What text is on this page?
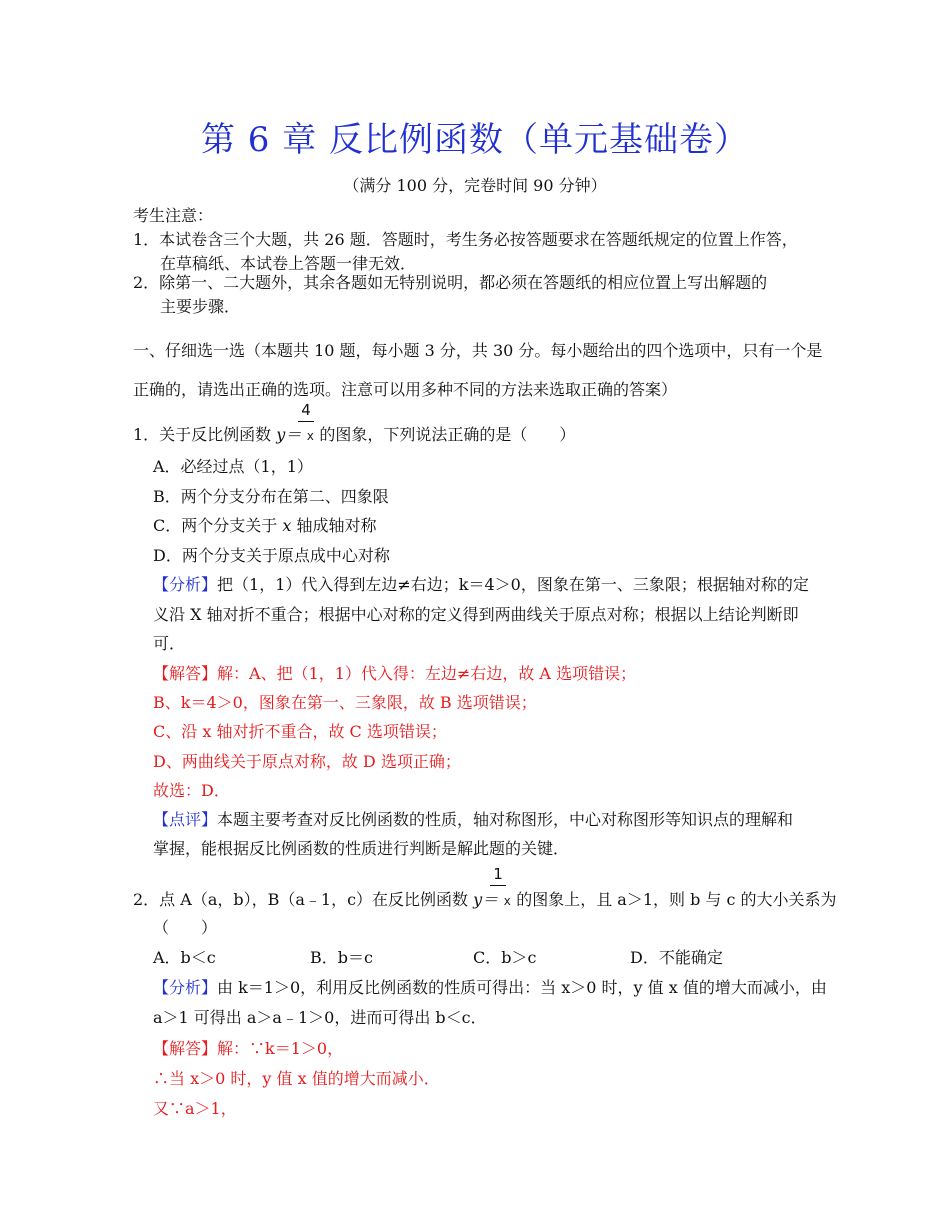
第 6 章 反比例函数（单元基础卷）
（满分 100 分，完卷时间 90 分钟）
考生注意：
1．本试卷含三个大题，共 26 题．答题时，考生务必按答题要求在答题纸规定的位置上作答，
在草稿纸、本试卷上答题一律无效．
2．除第一、二大题外，其余各题如无特别说明，都必须在答题纸的相应位置上写出解题的
主要步骤．
一、仔细选一选（本题共 10 题，每小题 3 分，共 30 分。每小题给出的四个选项中，只有一个是
正确的，请选出正确的选项。注意可以用多种不同的方法来选取正确的答案）
4
1．关于反比例函数 y＝ x 的图象，下列说法正确的是（　　）
A．必经过点（1，1）
B．两个分支分布在第二、四象限
C．两个分支关于 x 轴成轴对称
D．两个分支关于原点成中心对称
【分析】把（1，1）代入得到左边≠右边；k＝4＞0，图象在第一、三象限；根据轴对称的定
义沿 X 轴对折不重合；根据中心对称的定义得到两曲线关于原点对称；根据以上结论判断即
可．
【解答】解：A、把（1，1）代入得：左边≠右边，故 A 选项错误；
B、k＝4＞0，图象在第一、三象限，故 B 选项错误；
C、沿 x 轴对折不重合，故 C 选项错误；
D、两曲线关于原点对称，故 D 选项正确；
故选：D．
【点评】本题主要考查对反比例函数的性质，轴对称图形，中心对称图形等知识点的理解和
掌握，能根据反比例函数的性质进行判断是解此题的关键．
1
2．点 A（a，b），B（a﹣1，c）在反比例函数 y＝ x 的图象上，且 a＞1，则 b 与 c 的大小关系为
（　　）
A．b＜c	B．b＝c	C．b＞c	D．不能确定
【分析】由 k＝1＞0，利用反比例函数的性质可得出：当 x＞0 时，y 值 x 值的增大而减小，由
a＞1 可得出 a＞a﹣1＞0，进而可得出 b＜c．
【解答】解：∵k＝1＞0，
∴当 x＞0 时，y 值 x 值的增大而减小．
又∵a＞1，
